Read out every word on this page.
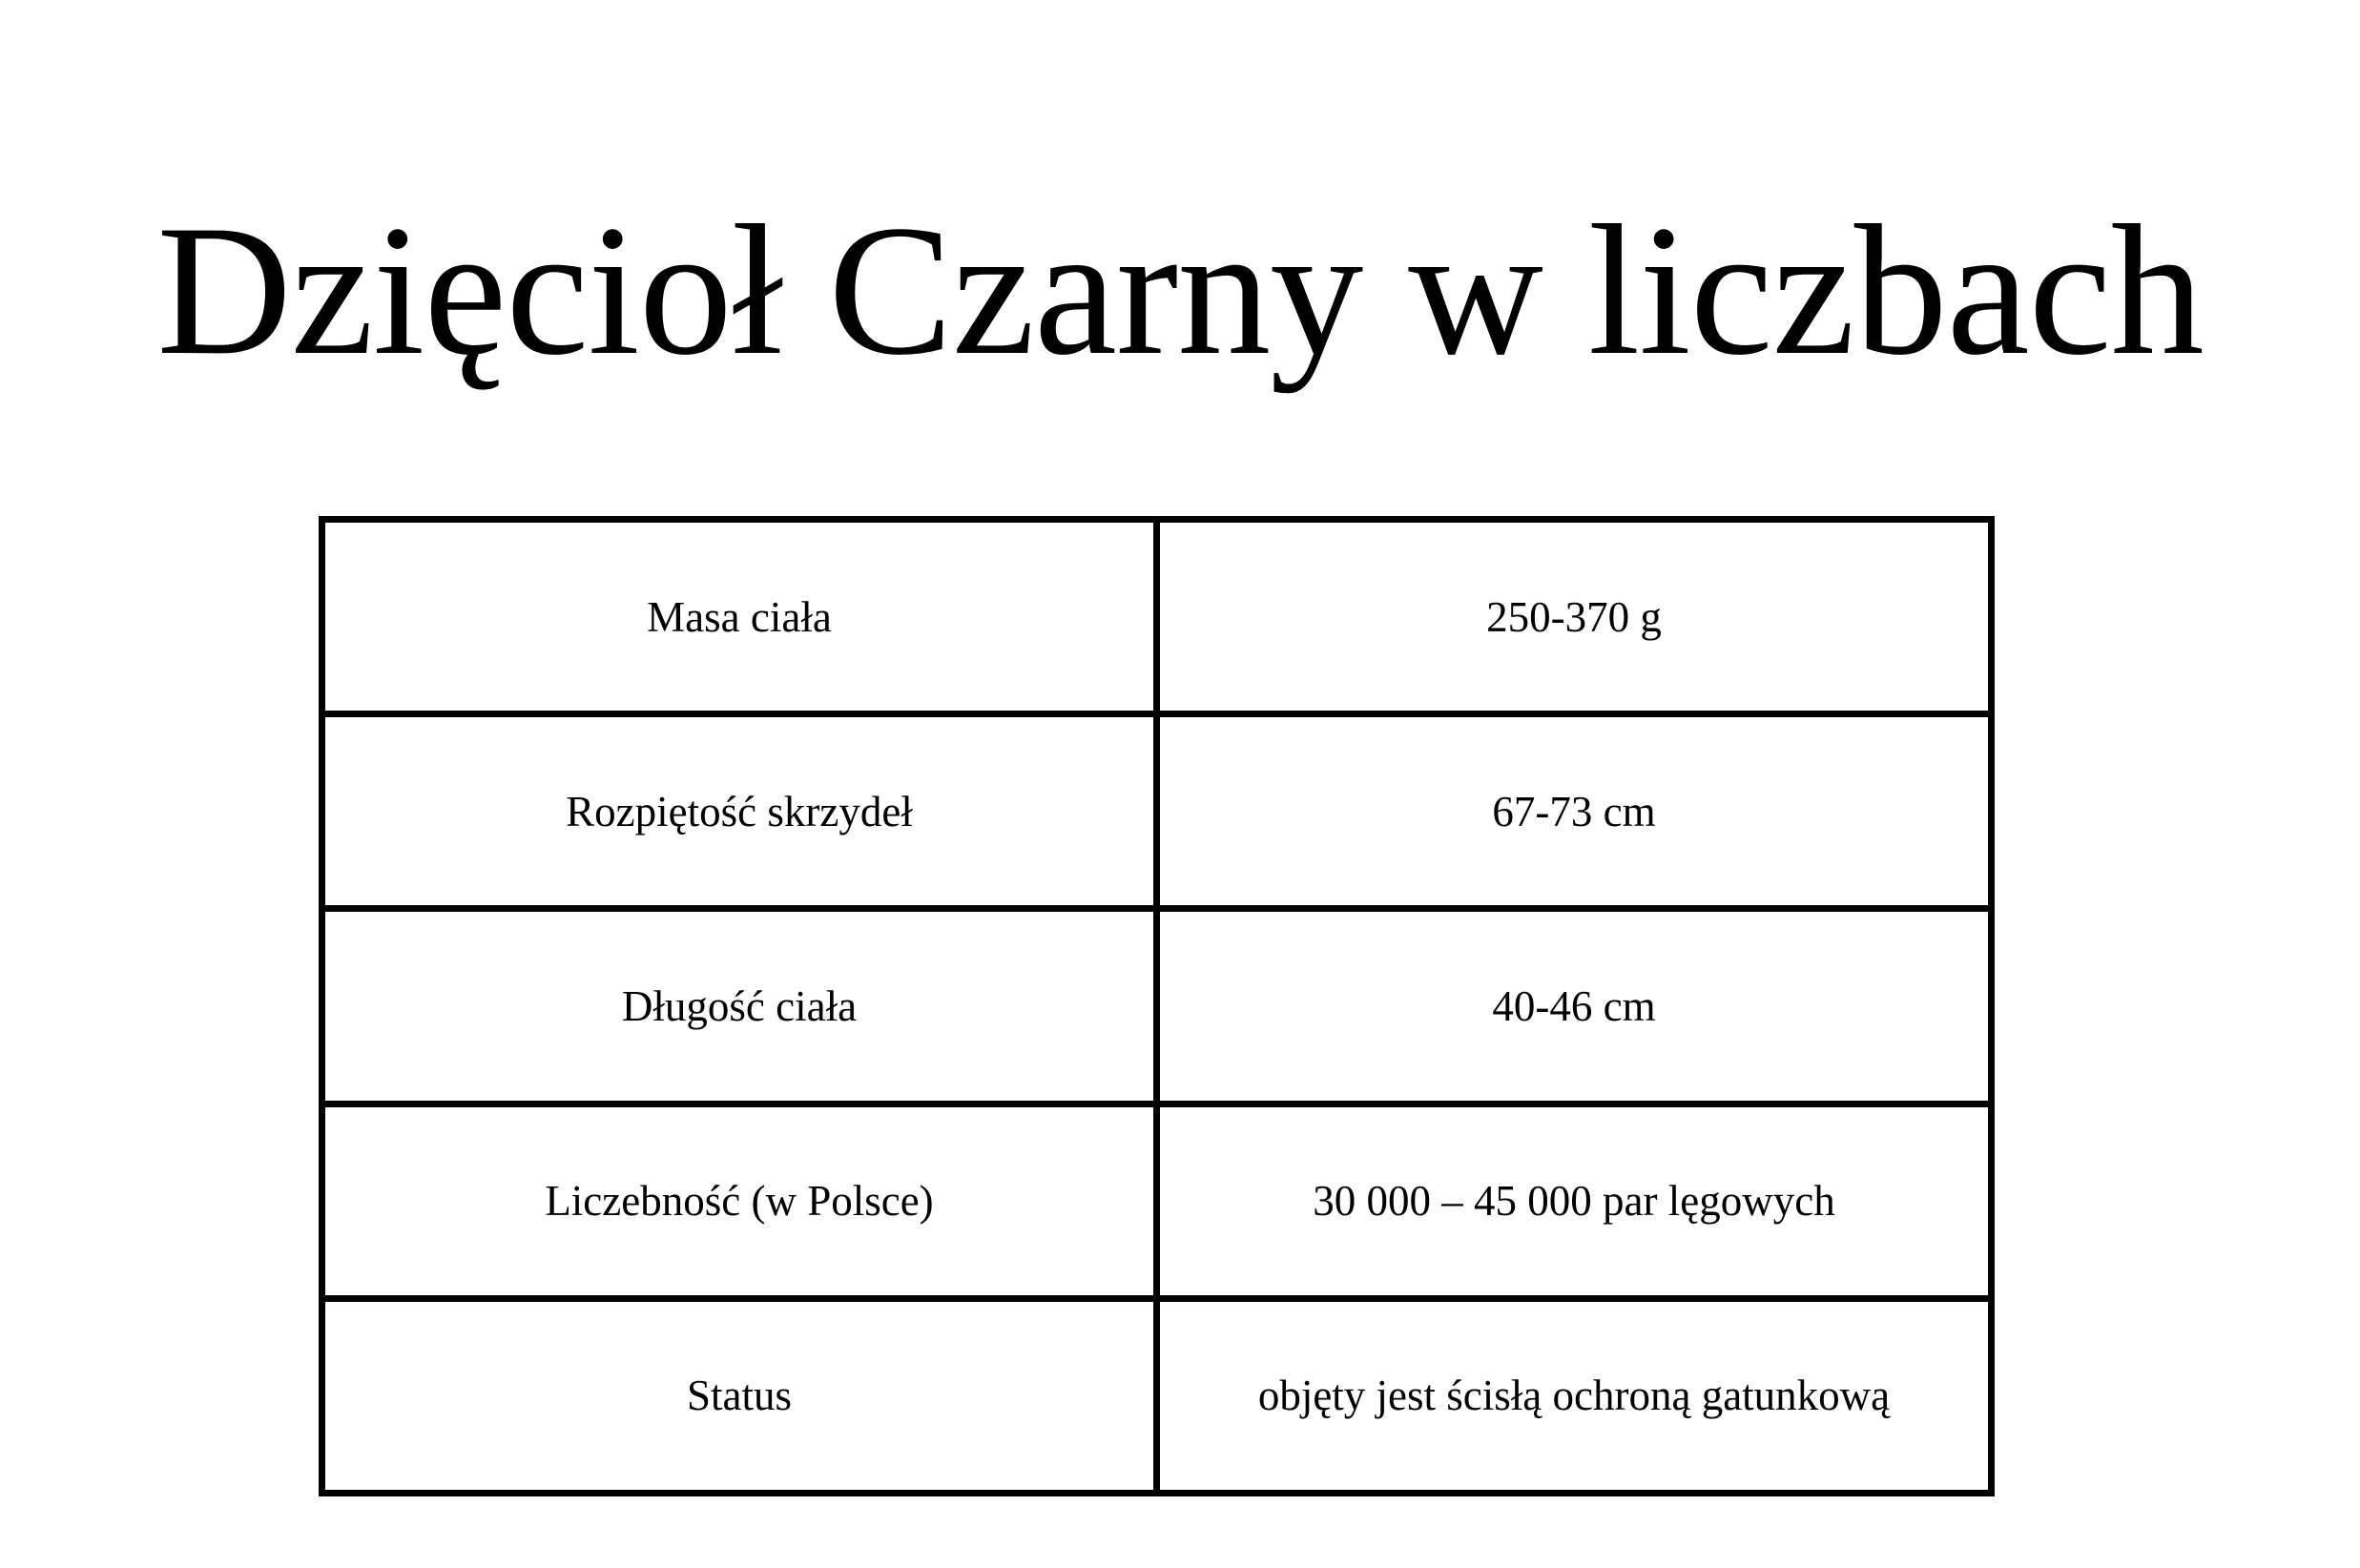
Dzięcioł Czarny w liczbach
Masa ciała	250-370 g
Rozpiętość skrzydeł	67-73 cm
Długość ciała	40-46 cm
Liczebność (w Polsce)	30 000 – 45 000 par lęgowych
Status	objęty jest ścisłą ochroną gatunkową
